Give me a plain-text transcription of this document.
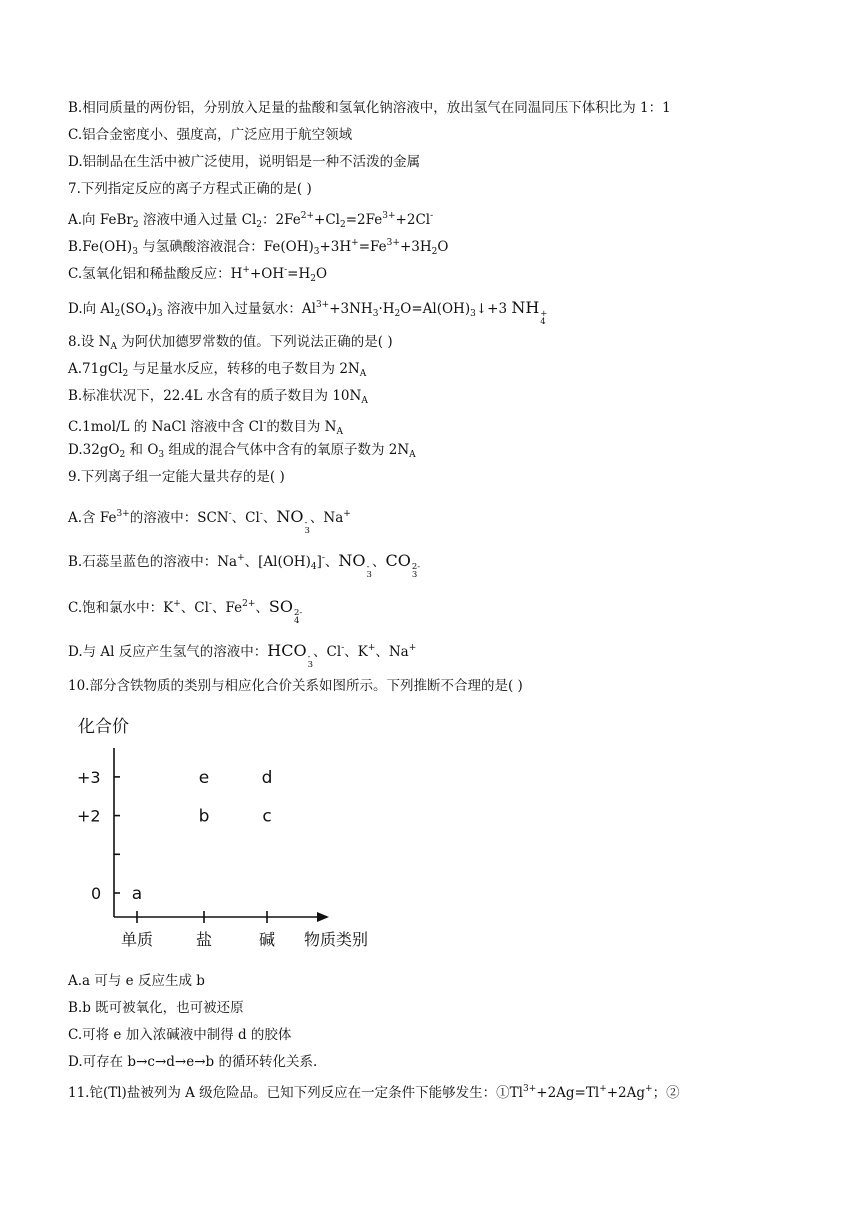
B.相同质量的两份铝，分别放入足量的盐酸和氢氧化钠溶液中，放出氢气在同温同压下体积比为 1：1
C.铝合金密度小、强度高，广泛应用于航空领域
D.铝制品在生活中被广泛使用，说明铝是一种不活泼的金属
7.下列指定反应的离子方程式正确的是( )
A.向 FeBr$_2$ 溶液中通入过量 $Cl_2$：$2Fe^{2+}+Cl_2=2Fe^{3+}+2Cl^-$
$B.Fe(OH)_3$ 与氢碘酸溶液混合：$Fe(OH)_3+3H^+=Fe^{3+}+3H_2O$
C.氢氧化铝和稀盐酸反应：$H^++OH^-=H_2O$
D.向 $Al_2(SO_4)_3$ 溶液中加入过量氨水：$Al^{3+}+3NH_3\cdot H_2O=Al(OH)_3↓+3$ NH +
4
8.设 $N_A$ 为阿伏加德罗常数的值。下列说法正确的是( )
A.71gCl$_2$ 与足量水反应，转移的电子数目为 $2N_A$
B.标准状况下，22.4L 水含有的质子数目为 $10N_A$
C.1mol/L 的 NaCl 溶液中含 Cl-的数目为 $N_A$
$D.32gO_2$ 和 $O_3$ 组成的混合气体中含有的氧原子数为 $2N_A$
9.下列离子组一定能大量共存的是( )
A.含 $Fe^{3+}$的溶液中：SCN-、Cl-、NO -
3
、Na+
B.石蕊呈蓝色的溶液中：Na+、$[Al(OH)_4]^-$、NO -
3
、CO 2-
3
C.饱和氯水中：K+、Cl-、$Fe^{2+}$、SO 2-
4
D.与 Al 反应产生氢气的溶液中：HCO -
3
、Cl-、K+、Na+
10.部分含铁物质的类别与相应化合价关系如图所示。下列推断不合理的是( )
化合价
+3
+2
0
单质	盐	碱
a
b	c
e	d
物质类别
A.a 可与 e 反应生成 b
B.b 既可被氧化，也可被还原
C.可将 e 加入浓碱液中制得 d 的胶体
D.可存在 b→c→d→e→b 的循环转化关系.
11.铊(Tl)盐被列为 A 级危险品。已知下列反应在一定条件下能够发生：$①Tl^{3+}+2Ag=Tl^++2Ag^+$；②
